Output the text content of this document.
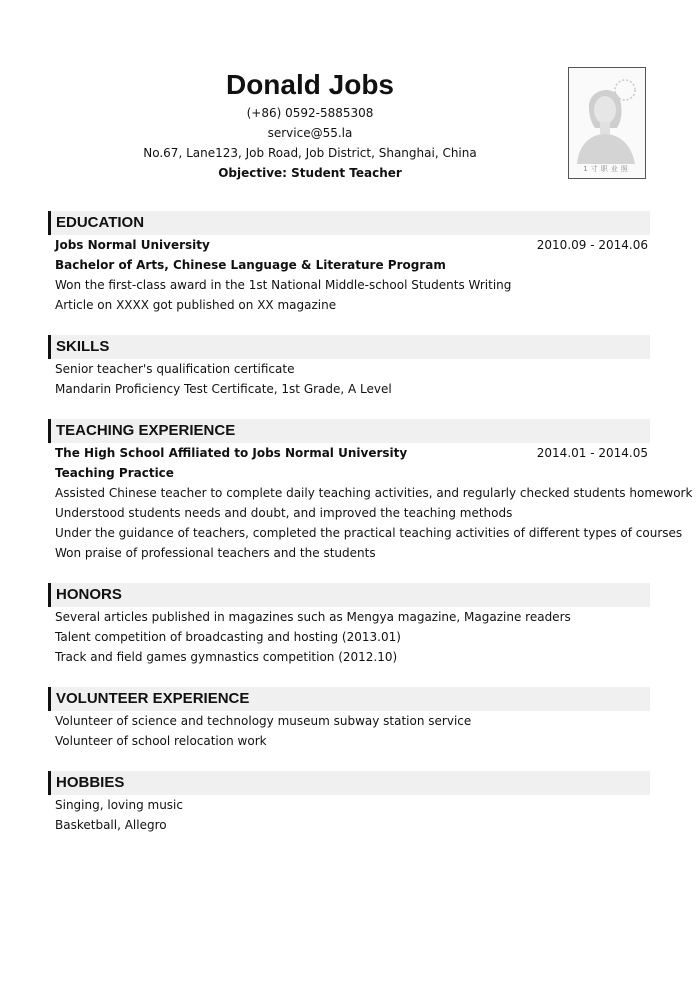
Donald Jobs
(+86) 0592-5885308
service@55.la
No.67, Lane123, Job Road, Job District, Shanghai, China
Objective: Student Teacher	1寸职业照
EDUCATION
Jobs Normal University	2010.09 - 2014.06
Bachelor of Arts, Chinese Language & Literature Program
Won the first-class award in the 1st National Middle-school Students Writing
Article on XXXX got published on XX magazine
SKILLS
Senior teacher's qualification certificate
Mandarin Proficiency Test Certificate, 1st Grade, A Level
TEACHING EXPERIENCE
The High School Affiliated to Jobs Normal University	2014.01 - 2014.05
Teaching Practice
Assisted Chinese teacher to complete daily teaching activities, and regularly checked students homework
Understood students needs and doubt, and improved the teaching methods
Under the guidance of teachers, completed the practical teaching activities of different types of courses
Won praise of professional teachers and the students
HONORS
Several articles published in magazines such as Mengya magazine, Magazine readers
Talent competition of broadcasting and hosting (2013.01)
Track and field games gymnastics competition (2012.10)
VOLUNTEER EXPERIENCE
Volunteer of science and technology museum subway station service
Volunteer of school relocation work
HOBBIES
Singing, loving music
Basketball, Allegro
